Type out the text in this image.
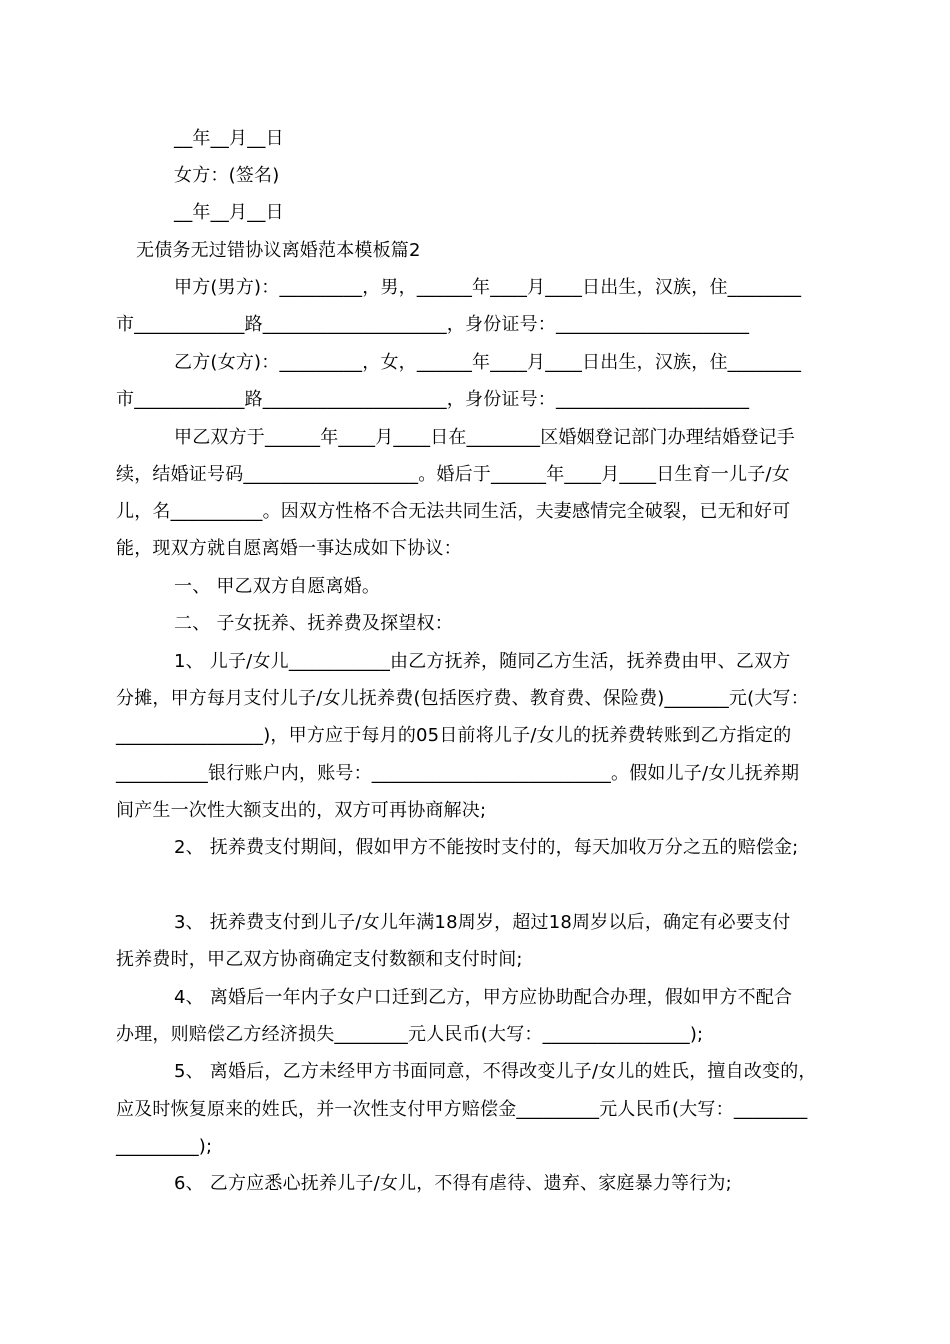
__年__月__日
女方：(签名)
__年__月__日
无债务无过错协议离婚范本模板篇2
甲方(男方)：_________，男，______年____月____日出生，汉族，住________
市____________路____________________，身份证号：_____________________
乙方(女方)：_________，女，______年____月____日出生，汉族，住________
市____________路____________________，身份证号：_____________________
甲乙双方于______年____月____日在________区婚姻登记部门办理结婚登记手
续，结婚证号码___________________。婚后于______年____月____日生育一儿子/女
儿，名__________。因双方性格不合无法共同生活，夫妻感情完全破裂，已无和好可
能，现双方就自愿离婚一事达成如下协议：
一、 甲乙双方自愿离婚。
二、 子女抚养、抚养费及探望权：
1、 儿子/女儿___________由乙方抚养，随同乙方生活，抚养费由甲、乙双方
分摊，甲方每月支付儿子/女儿抚养费(包括医疗费、教育费、保险费)_______元(大写：
________________)，甲方应于每月的05日前将儿子/女儿的抚养费转账到乙方指定的
__________银行账户内，账号：__________________________。假如儿子/女儿抚养期
间产生一次性大额支出的，双方可再协商解决;
2、 抚养费支付期间，假如甲方不能按时支付的，每天加收万分之五的赔偿金;
3、 抚养费支付到儿子/女儿年满18周岁，超过18周岁以后，确定有必要支付
抚养费时，甲乙双方协商确定支付数额和支付时间;
4、 离婚后一年内子女户口迁到乙方，甲方应协助配合办理，假如甲方不配合
办理，则赔偿乙方经济损失________元人民币(大写：________________);
5、 离婚后，乙方未经甲方书面同意，不得改变儿子/女儿的姓氏，擅自改变的，
应及时恢复原来的姓氏，并一次性支付甲方赔偿金_________元人民币(大写：________
_________);
6、 乙方应悉心抚养儿子/女儿，不得有虐待、遗弃、家庭暴力等行为;
